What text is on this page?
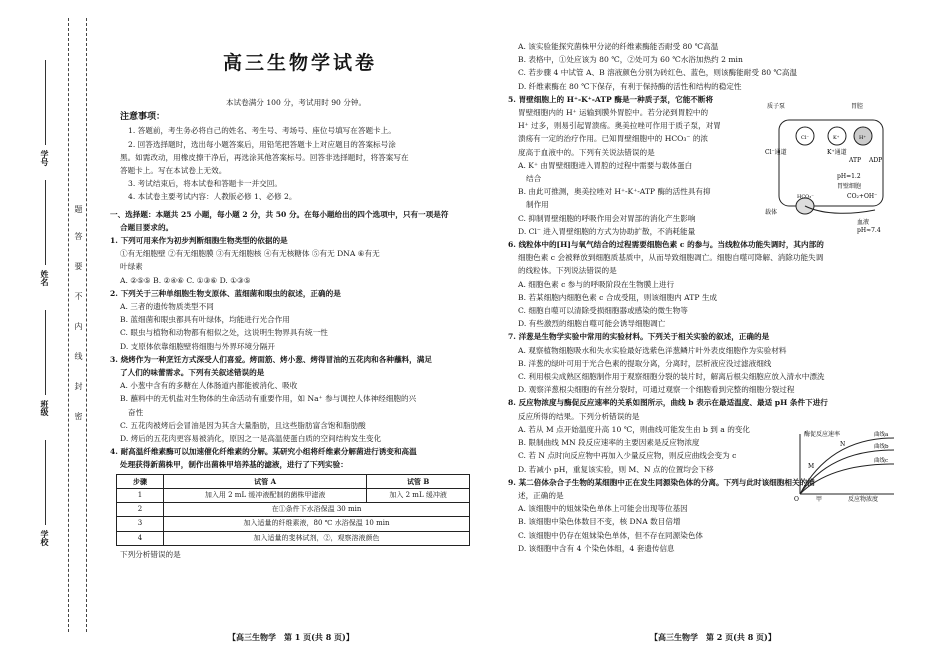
学号
姓名
班级
学校
题
答
要
不
内
线
封
密
高三生物学试卷

本试卷满分 100 分，考试用时 90 分钟。

注意事项：

1. 答题前，考生务必将自己的姓名、考生号、考场号、座位号填写在答题卡上。

2. 回答选择题时，选出每小题答案后，用铅笔把答题卡上对应题目的答案标号涂

黑。如需改动，用橡皮擦干净后，再选涂其他答案标号。回答非选择题时，将答案写在

答题卡上。写在本试卷上无效。

3. 考试结束后，将本试卷和答题卡一并交回。

4. 本试卷主要考试内容：人教版必修 1、必修 2。

一、选择题：本题共 25 小题，每小题 2 分，共 50 分。在每小题给出的四个选项中，只有一项是符

合题目要求的。

1. 下列可用来作为初步判断细胞生物类型的依据的是

①有无细胞壁 ②有无细胞膜 ③有无细胞核 ④有无核糖体 ⑤有无 DNA ⑥有无

叶绿素

A. ②⑤⑤ B. ②④⑥ C. ①③⑥ D. ①③⑤

2. 下列关于三种单细胞生物支原体、蓝细菌和眼虫的叙述，正确的是

A. 三者的遗传物质类型不同

B. 蓝细菌和眼虫都具有叶绿体，均能进行光合作用

C. 眼虫与植物和动物都有相似之处，这说明生物界具有统一性

D. 支原体依靠细胞壁将细胞与外界环境分隔开

3. 烧烤作为一种烹饪方式深受人们喜爱。烤面筋、烤小葱、烤得冒油的五花肉和各种蘸料，满足

了人们的味蕾需求。下列有关叙述错误的是

A. 小葱中含有的多糖在人体肠道内都能被消化、吸收

B. 蘸料中的无机盐对生物体的生命活动有重要作用，如 Na⁺ 参与调控人体神经细胞的兴

奋性

C. 五花肉被烤后会冒油是因为其含大量脂肪，且这些脂肪富含饱和脂肪酸

D. 烤后的五花肉更容易被消化，原因之一是高温使蛋白质的空间结构发生变化

4. 耐高温纤维素酶可以加速催化纤维素的分解。某研究小组将纤维素分解菌进行诱变和高温

处理获得新菌株甲，制作出菌株甲培养基的滤液，进行了下列实验：

步骤	试管 A	试管 B
1	加入用 2 mL 缓冲液配制的菌株甲滤液	加入 2 mL 缓冲液
2	在①条件下水浴保温 30 min	
3	加入适量的纤维素液，80 ℃ 水浴保温 10 min	
4	加入适量的斐林试剂，②，观察溶液颜色	

下列分析错误的是

【高三生物学　第 1 页(共 8 页)】

A. 该实验能探究菌株甲分泌的纤维素酶能否耐受 80 ℃高温

B. 表格中，①处应该为 80 ℃，②处可为 60 ℃水浴加热约 2 min

C. 若步骤 4 中试管 A、B 溶液颜色分别为砖红色、蓝色，则该酶能耐受 80 ℃高温

D. 纤维素酶在 80 ℃下保存，有利于保持酶的活性和结构的稳定性

5. 胃壁细胞上的 H⁺-K⁺-ATP 酶是一种质子泵，它能不断将

胃壁细胞内的 H⁺ 运输到膜外胃腔中。若分泌到胃腔中的

H⁺ 过多，则易引起胃溃疡。奥美拉唑可作用于质子泵，对胃

溃疡有一定的治疗作用。已知胃壁细胞中的 HCO₃⁻ 的浓

度高于血液中的。下列有关说法错误的是

A. K⁺ 由胃壁细胞进入胃腔的过程中需要与载体蛋白

结合

B. 由此可推测，奥美拉唑对 H⁺-K⁺-ATP 酶的活性具有抑

制作用

C. 抑制胃壁细胞的呼吸作用会对胃部的消化产生影响

D. Cl⁻ 进入胃壁细胞的方式为协助扩散，不消耗能量

6. 线粒体中的[H]与氧气结合的过程需要细胞色素 c 的参与。当线粒体功能失调时，其内部的

细胞色素 c 会被释放到细胞质基质中，从而导致细胞凋亡。细胞自噬可降解、消除功能失调

的线粒体。下列说法错误的是

A. 细胞色素 c 参与的呼吸阶段在生物膜上进行

B. 若某细胞内细胞色素 c 合成受阻，则该细胞内 ATP 生成

C. 细胞自噬可以清除受损细胞器或感染的微生物等

D. 有些激烈的细胞自噬可能会诱导细胞凋亡

7. 洋葱是生物学实验中常用的实验材料。下列关于相关实验的叙述，正确的是

A. 观察植物细胞吸水和失水实验最好选紫色洋葱鳞片叶外表皮细胞作为实验材料

B. 洋葱的绿叶可用于光合色素的提取分离，分离时，层析液应没过滤液细线

C. 利用根尖成熟区细胞制作用于观察细胞分裂的装片时，解离后根尖细胞应放入清水中漂洗

D. 观察洋葱根尖细胞的有丝分裂时，可通过观察一个细胞看到完整的细胞分裂过程

8. 反应物浓度与酶促反应速率的关系如图所示，曲线 b 表示在最适温度、最适 pH 条件下进行

反应所得的结果。下列分析错误的是

A. 若从 M 点开始温度升高 10 ℃，则曲线可能发生由 b 到 a 的变化

B. 限制曲线 MN 段反应速率的主要因素是反应物浓度

C. 若 N 点时向反应物中再加入少量反应物，则反应曲线会变为 c

D. 若减小 pH，重复该实验，则 M、N 点的位置均会下移

9. 某二倍体杂合子生物的某细胞中正在发生同源染色体的分离。下列与此时该细胞相关的描

述，正确的是

A. 该细胞中的姐妹染色单体上可能会出现等位基因

B. 该细胞中染色体数目不变，核 DNA 数目倍增

C. 该细胞中仍存在姐妹染色单体，但不存在同源染色体

D. 该细胞中含有 4 个染色体组，4 套遗传信息

胃腔
质子泵
Cl⁻通道	K⁺通道
ATP ADP
pH=1.2
胃壁细胞
载体
血液
CO₂+OH⁻
pH≈7.4
K⁺	H⁺
Cl⁻
HCO₃⁻
酶促反应速率
反应物浓度
曲线a
曲线b
曲线c
M
N
O	甲
【高三生物学　第 2 页(共 8 页)】
